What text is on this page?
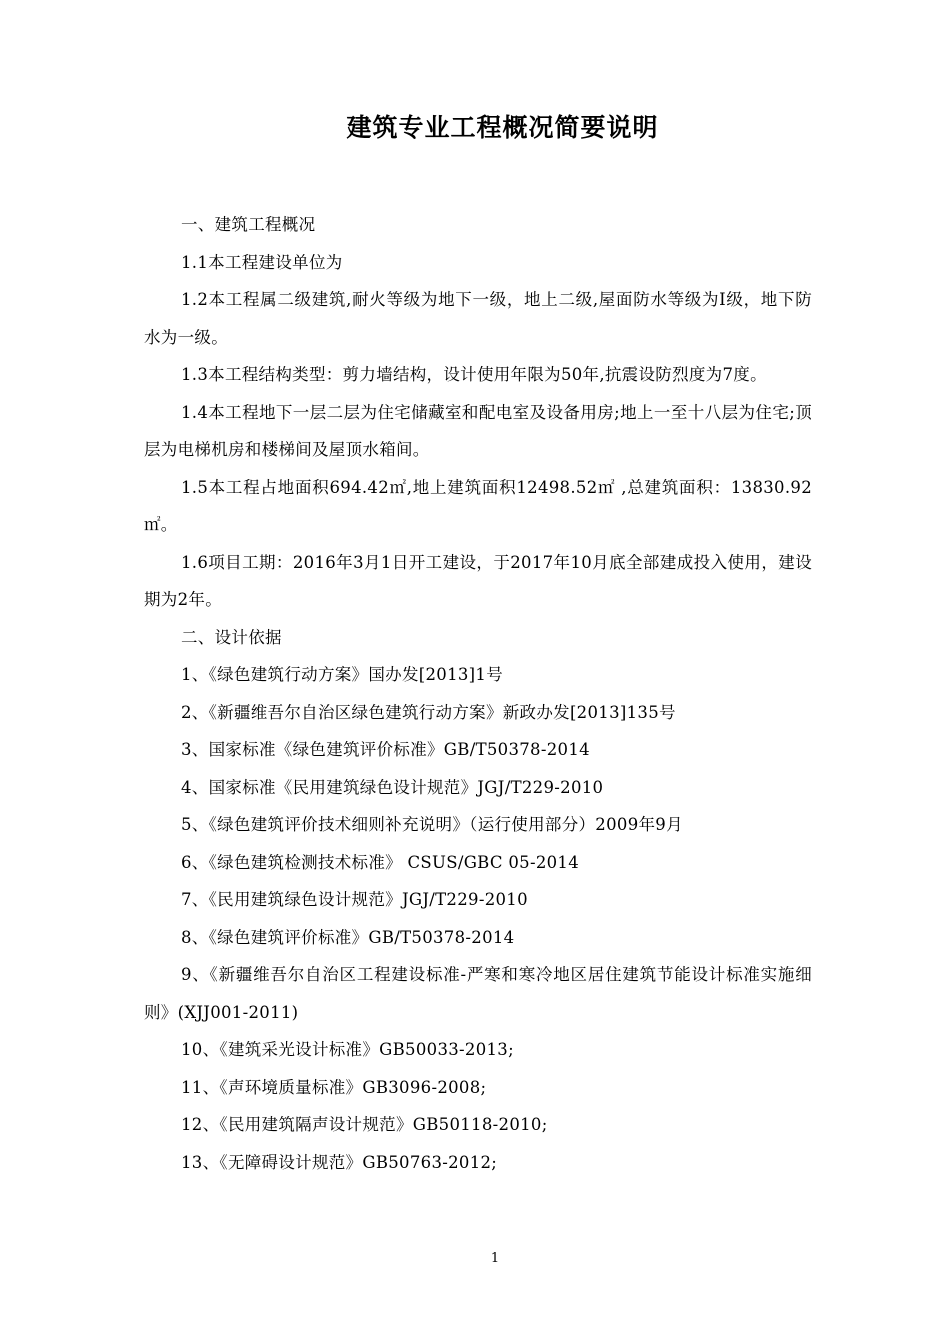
建筑专业工程概况简要说明

一、建筑工程概况

1.1本工程建设单位为

1.2本工程属二级建筑,耐火等级为地下一级，地上二级,屋面防水等级为Ⅰ级，地下防水为一级。

1.3本工程结构类型：剪力墙结构，设计使用年限为50年,抗震设防烈度为7度。

1.4本工程地下一层二层为住宅储藏室和配电室及设备用房;地上一至十八层为住宅;顶层为电梯机房和楼梯间及屋顶水箱间。

1.5本工程占地面积694.42㎡,地上建筑面积12498.52㎡ ,总建筑面积：13830.92㎡。

1.6项目工期：2016年3月1日开工建设，于2017年10月底全部建成投入使用，建设期为2年。

二、设计依据

1、《绿色建筑行动方案》国办发[2013]1号

2、《新疆维吾尔自治区绿色建筑行动方案》新政办发[2013]135号

3、国家标准《绿色建筑评价标准》GB/T50378-2014

4、国家标准《民用建筑绿色设计规范》JGJ/T229-2010

5、《绿色建筑评价技术细则补充说明》（运行使用部分）2009年9月

6、《绿色建筑检测技术标准》 CSUS/GBC 05-2014

7、《民用建筑绿色设计规范》JGJ/T229-2010

8、《绿色建筑评价标准》GB/T50378-2014

9、《新疆维吾尔自治区工程建设标准-严寒和寒冷地区居住建筑节能设计标准实施细则》(XJJ001-2011)

10、《建筑采光设计标准》GB50033-2013;

11、《声环境质量标准》GB3096-2008;

12、《民用建筑隔声设计规范》GB50118-2010;

13、《无障碍设计规范》GB50763-2012;

1
